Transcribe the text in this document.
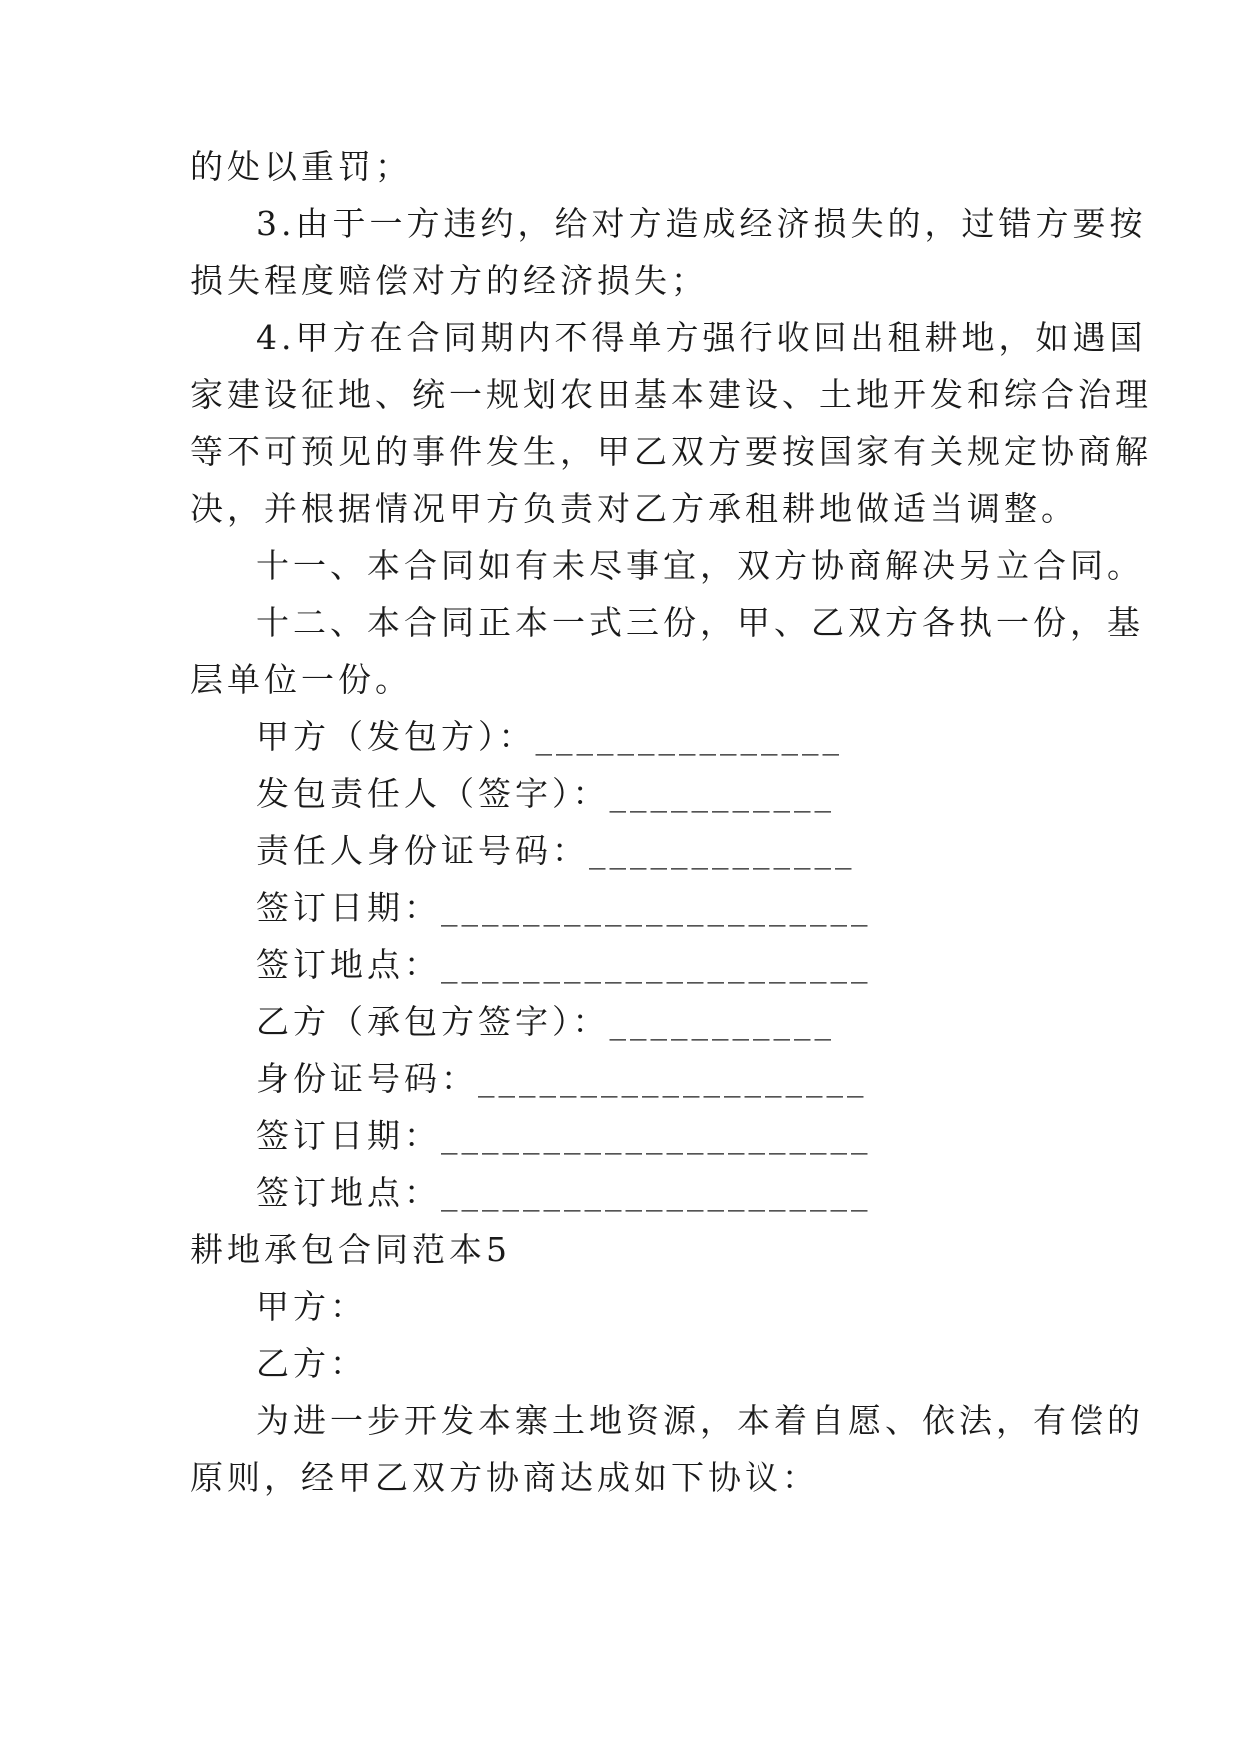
的处以重罚；
3.由于一方违约，给对方造成经济损失的，过错方要按
损失程度赔偿对方的经济损失；
4.甲方在合同期内不得单方强行收回出租耕地，如遇国
家建设征地、统一规划农田基本建设、土地开发和综合治理
等不可预见的事件发生，甲乙双方要按国家有关规定协商解
决，并根据情况甲方负责对乙方承租耕地做适当调整。
十一、本合同如有未尽事宜，双方协商解决另立合同。
十二、本合同正本一式三份，甲、乙双方各执一份，基
层单位一份。
甲方（发包方）：_______________
发包责任人（签字）：___________
责任人身份证号码：_____________
签订日期：_____________________
签订地点：_____________________
乙方（承包方签字）：___________
身份证号码：___________________
签订日期：_____________________
签订地点：_____________________
耕地承包合同范本5
甲方：
乙方：
为进一步开发本寨土地资源，本着自愿、依法，有偿的
原则，经甲乙双方协商达成如下协议：
